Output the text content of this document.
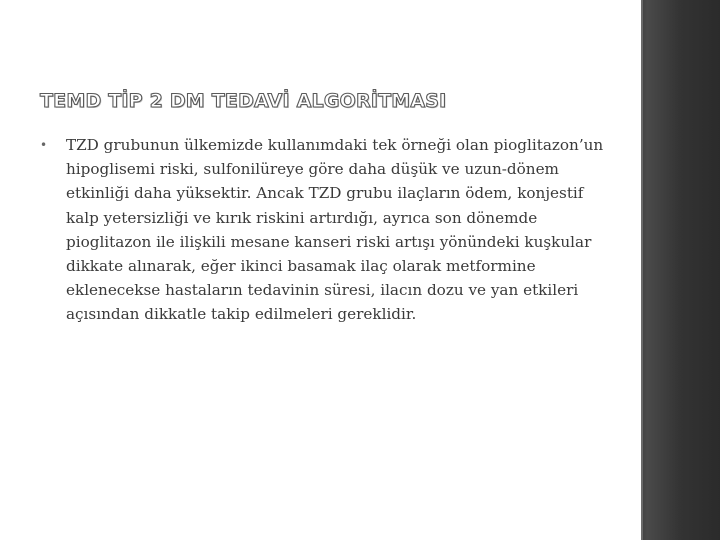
TEMD TİP 2 DM TEDAVİ ALGORİTMASI
•	TZD grubunun ülkemizde kullanımdaki tek örneği olan pioglitazon’un hipoglisemi riski, sulfonilüreye göre daha düşük ve uzun-dönem etkinliği daha yüksektir. Ancak TZD grubu ilaçların ödem, konjestif kalp yetersizliği ve kırık riskini artırdığı, ayrıca son dönemde pioglitazon ile ilişkili mesane kanseri riski artışı yönündeki kuşkular dikkate alınarak, eğer ikinci basamak ilaç olarak metformine eklenecekse hastaların tedavinin süresi, ilacın dozu ve yan etkileri açısından dikkatle takip edilmeleri gereklidir.
